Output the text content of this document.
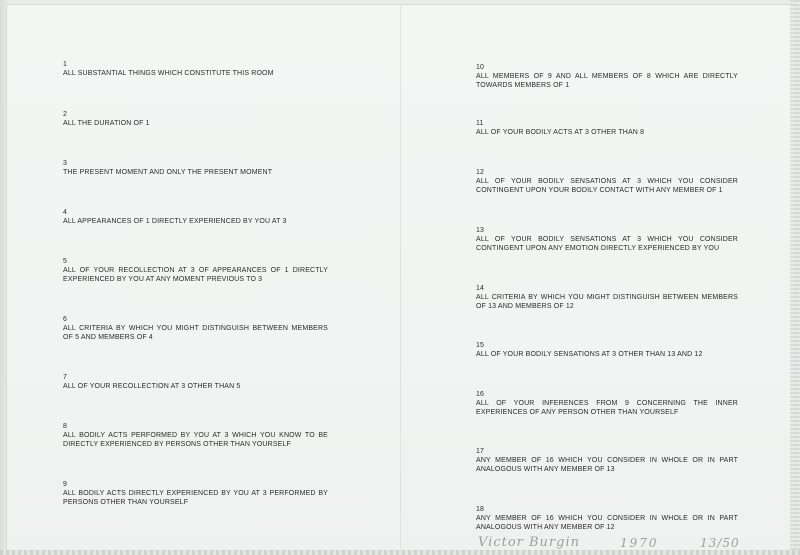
1
ALL SUBSTANTIAL THINGS WHICH CONSTITUTE THIS ROOM
2
ALL THE DURATION OF 1
3
THE PRESENT MOMENT AND ONLY THE PRESENT MOMENT
4
ALL APPEARANCES OF 1 DIRECTLY EXPERIENCED BY YOU AT 3
5
ALL OF YOUR RECOLLECTION AT 3 OF APPEARANCES OF 1 DIRECTLY EXPERIENCED BY YOU AT ANY MOMENT PREVIOUS TO 3
6
ALL CRITERIA BY WHICH YOU MIGHT DISTINGUISH BETWEEN MEMBERS OF 5 AND MEMBERS OF 4
7
ALL OF YOUR RECOLLECTION AT 3 OTHER THAN 5
8
ALL BODILY ACTS PERFORMED BY YOU AT 3 WHICH YOU KNOW TO BE DIRECTLY EXPERIENCED BY PERSONS OTHER THAN YOURSELF
9
ALL BODILY ACTS DIRECTLY EXPERIENCED BY YOU AT 3 PERFORMED BY PERSONS OTHER THAN YOURSELF
10
ALL MEMBERS OF 9 AND ALL MEMBERS OF 8 WHICH ARE DIRECTLY TOWARDS MEMBERS OF 1
11
ALL OF YOUR BODILY ACTS AT 3 OTHER THAN 8
12
ALL OF YOUR BODILY SENSATIONS AT 3 WHICH YOU CONSIDER CONTINGENT UPON YOUR BODILY CONTACT WITH ANY MEMBER OF 1
13
ALL OF YOUR BODILY SENSATIONS AT 3 WHICH YOU CONSIDER CONTINGENT UPON ANY EMOTION DIRECTLY EXPERIENCED BY YOU
14
ALL CRITERIA BY WHICH YOU MIGHT DISTINGUISH BETWEEN MEMBERS OF 13 AND MEMBERS OF 12
15
ALL OF YOUR BODILY SENSATIONS AT 3 OTHER THAN 13 AND 12
16
ALL OF YOUR INFERENCES FROM 9 CONCERNING THE INNER EXPERIENCES OF ANY PERSON OTHER THAN YOURSELF
17
ANY MEMBER OF 16 WHICH YOU CONSIDER IN WHOLE OR IN PART ANALOGOUS WITH ANY MEMBER OF 13
18
ANY MEMBER OF 16 WHICH YOU CONSIDER IN WHOLE OR IN PART ANALOGOUS WITH ANY MEMBER OF 12
Victor Burgin	1970	13/50
